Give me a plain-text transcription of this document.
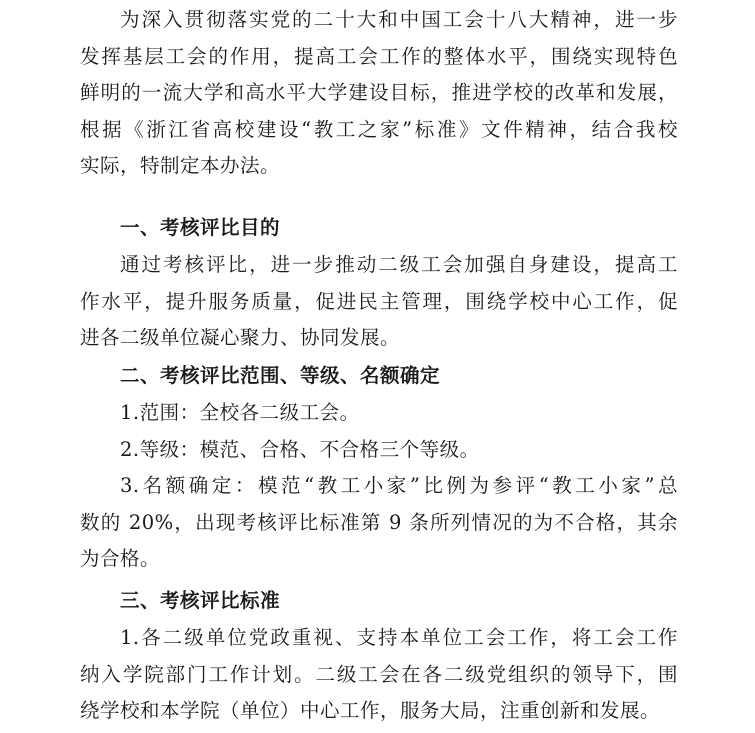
为深入贯彻落实党的二十大和中国工会十八大精神，进一步
发挥基层工会的作用，提高工会工作的整体水平，围绕实现特色
鲜明的一流大学和高水平大学建设目标，推进学校的改革和发展，
根据《浙江省高校建设“教工之家”标准》文件精神，结合我校
实际，特制定本办法。
一、考核评比目的
通过考核评比，进一步推动二级工会加强自身建设，提高工
作水平，提升服务质量，促进民主管理，围绕学校中心工作，促
进各二级单位凝心聚力、协同发展。
二、考核评比范围、等级、名额确定
1.范围：全校各二级工会。
2.等级：模范、合格、不合格三个等级。
3.名额确定：模范“教工小家”比例为参评“教工小家”总
数的 20%，出现考核评比标准第 9 条所列情况的为不合格，其余
为合格。
三、考核评比标准
1.各二级单位党政重视、支持本单位工会工作，将工会工作
纳入学院部门工作计划。二级工会在各二级党组织的领导下，围
绕学校和本学院（单位）中心工作，服务大局，注重创新和发展。
